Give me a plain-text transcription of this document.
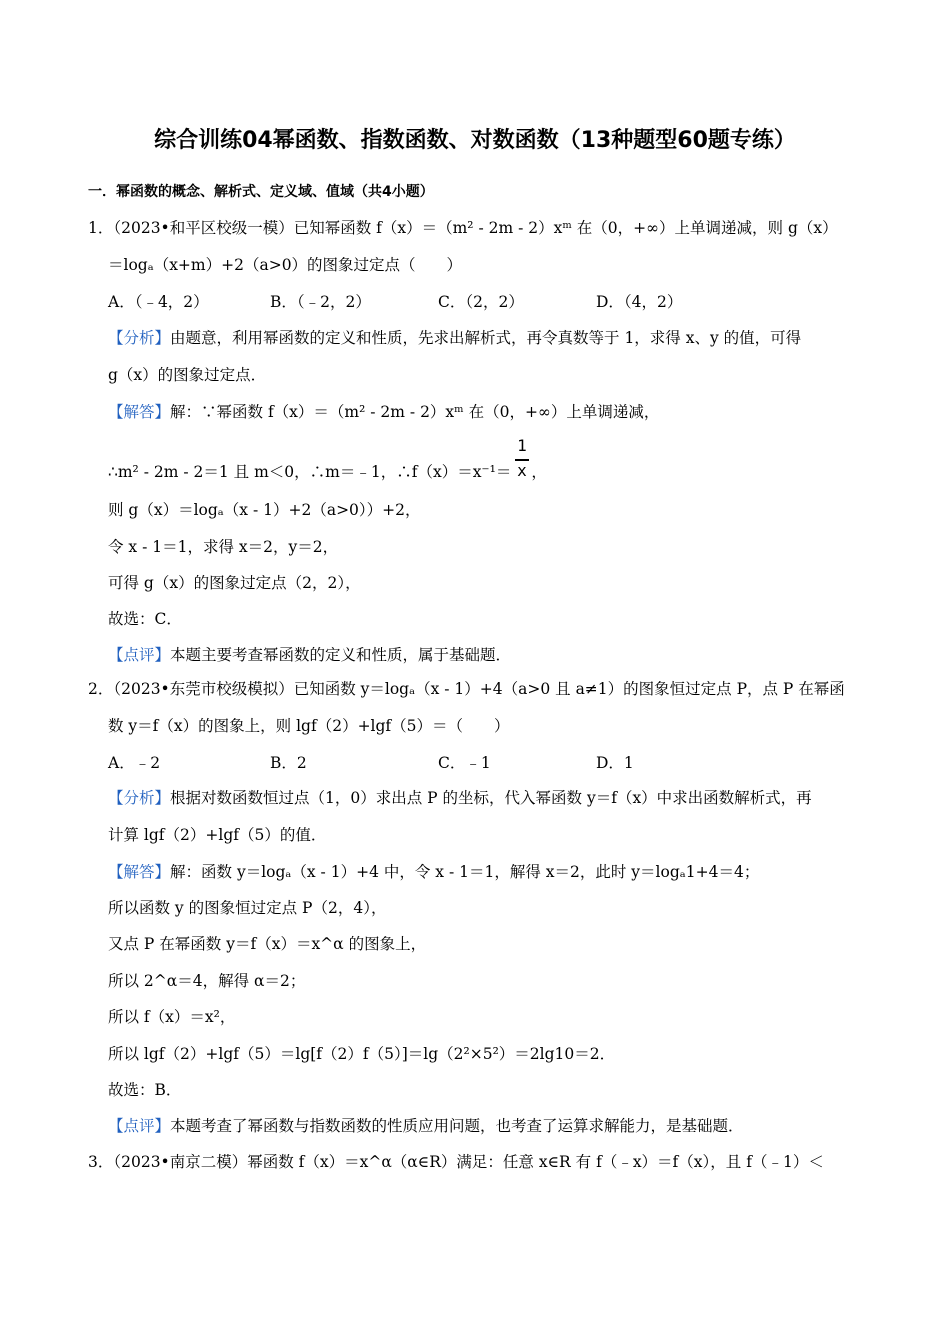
综合训练04幂函数、指数函数、对数函数（13种题型60题专练）
一．幂函数的概念、解析式、定义域、值域（共4小题）
1．（2023•和平区校级一模）已知幂函数 f（x）＝（m² - 2m - 2）xᵐ 在（0，+∞）上单调递减，则 g（x）
＝logₐ（x+m）+2（a>0）的图象过定点（　　）
A．（﹣4，2）	B．（﹣2，2）	C．（2，2）	D．（4，2）
【分析】由题意，利用幂函数的定义和性质，先求出解析式，再令真数等于 1，求得 x、y 的值，可得
g（x）的图象过定点．
【解答】解：∵幂函数 f（x）＝（m² - 2m - 2）xᵐ 在（0，+∞）上单调递减，
∴m² - 2m - 2＝1 且 m＜0，∴m＝﹣1，∴f（x）＝x⁻¹＝ ，
1
x
则 g（x）＝logₐ（x - 1）+2（a>0））+2，
令 x - 1＝1，求得 x＝2，y＝2，
可得 g（x）的图象过定点（2，2），
故选：C．
【点评】本题主要考查幂函数的定义和性质，属于基础题．
2．（2023•东莞市校级模拟）已知函数 y＝logₐ（x - 1）+4（a>0 且 a≠1）的图象恒过定点 P，点 P 在幂函
数 y＝f（x）的图象上，则 lgf（2）+lgf（5）＝（　　）
A．﹣2	B．2	C．﹣1	D．1
【分析】根据对数函数恒过点（1，0）求出点 P 的坐标，代入幂函数 y＝f（x）中求出函数解析式，再
计算 lgf（2）+lgf（5）的值．
【解答】解：函数 y＝logₐ（x - 1）+4 中，令 x - 1＝1，解得 x＝2，此时 y＝logₐ1+4＝4；
所以函数 y 的图象恒过定点 P（2，4），
又点 P 在幂函数 y＝f（x）＝x^α 的图象上，
所以 2^α＝4，解得 α＝2；
所以 f（x）＝x²，
所以 lgf（2）+lgf（5）＝lg[f（2）f（5）]＝lg（2²×5²）＝2lg10＝2．
故选：B．
【点评】本题考查了幂函数与指数函数的性质应用问题，也考查了运算求解能力，是基础题．
3．（2023•南京二模）幂函数 f（x）＝x^α（α∈R）满足：任意 x∈R 有 f（﹣x）＝f（x），且 f（﹣1）＜
